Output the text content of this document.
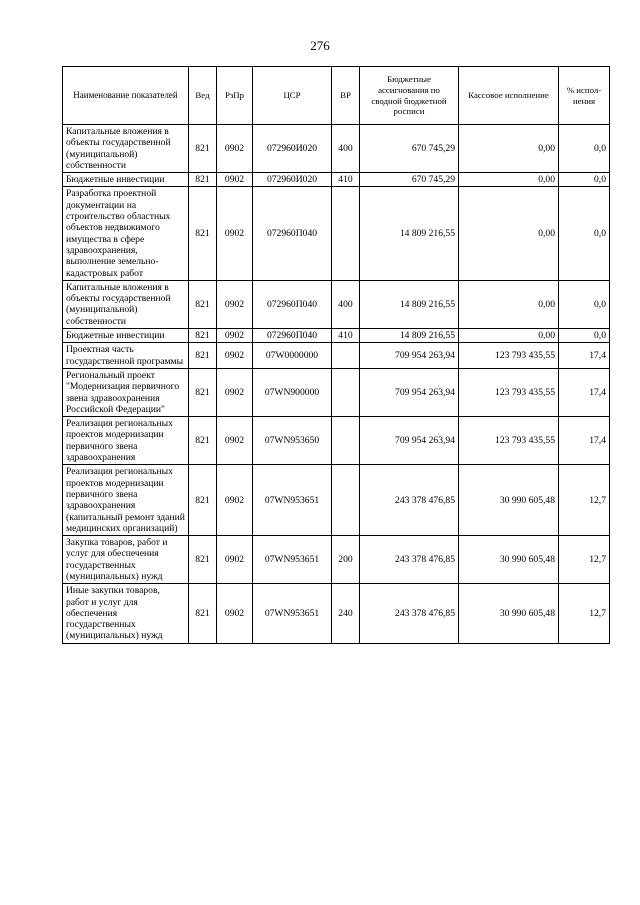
276
Наименование показателей	Вед	РзПр	ЦСР	ВР	Бюджетные ассигнования по сводной бюджетной росписи	Кассовое исполнение	% испол-нения
Капитальные вложения в объекты государственной (муниципальной) собственности	821	0902	072960И020	400	670 745,29	0,00	0,0
Бюджетные инвестиции	821	0902	072960И020	410	670 745,29	0,00	0,0
Разработка проектной документации на строительство областных объектов недвижимого имущества в сфере здравоохранения, выполнение земельно-кадастровых работ	821	0902	072960П040		14 809 216,55	0,00	0,0
Капитальные вложения в объекты государственной (муниципальной) собственности	821	0902	072960П040	400	14 809 216,55	0,00	0,0
Бюджетные инвестиции	821	0902	072960П040	410	14 809 216,55	0,00	0,0
Проектная часть государственной программы	821	0902	07W0000000		709 954 263,94	123 793 435,55	17,4
Региональный проект "Модернизация первичного звена здравоохранения Российской Федерации"	821	0902	07WN900000		709 954 263,94	123 793 435,55	17,4
Реализация региональных проектов модернизации первичного звена здравоохранения	821	0902	07WN953650		709 954 263,94	123 793 435,55	17,4
Реализация региональных проектов модернизации первичного звена здравоохранения (капитальный ремонт зданий медицинских организаций)	821	0902	07WN953651		243 378 476,85	30 990 605,48	12,7
Закупка товаров, работ и услуг для обеспечения государственных (муниципальных) нужд	821	0902	07WN953651	200	243 378 476,85	30 990 605,48	12,7
Иные закупки товаров, работ и услуг для обеспечения государственных (муниципальных) нужд	821	0902	07WN953651	240	243 378 476,85	30 990 605,48	12,7
